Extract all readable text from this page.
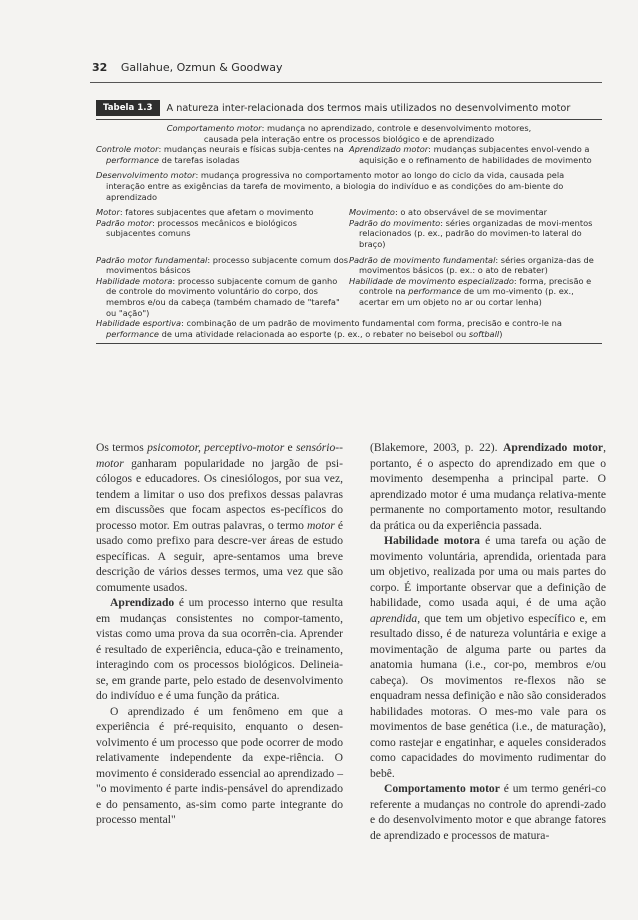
32 Gallahue, Ozmun & Goodway
Tabela 1.3	A natureza inter-relacionada dos termos mais utilizados no desenvolvimento motor
Comportamento motor: mudança no aprendizado, controle e desenvolvimento motores,
causada pela interação entre os processos biológico e de aprendizado
Controle motor: mudanças neurais e físicas subja-centes na performance de tarefas isoladas
Aprendizado motor: mudanças subjacentes envol-vendo a aquisição e o refinamento de habilidades de movimento
Desenvolvimento motor: mudança progressiva no comportamento motor ao longo do ciclo da vida, causada pela interação entre as exigências da tarefa de movimento, a biologia do indivíduo e as condições do am-biente do aprendizado
Motor: fatores subjacentes que afetam o movimento	Movimento: o ato observável de se movimentar
Padrão motor: processos mecânicos e biológicos subjacentes comuns
Padrão do movimento: séries organizadas de movi-mentos relacionados (p. ex., padrão do movimen-to lateral do braço)
Padrão motor fundamental: processo subjacente comum dos movimentos básicos
Padrão de movimento fundamental: séries organiza-das de movimentos básicos (p. ex.: o ato de rebater)
Habilidade motora: processo subjacente comum de ganho de controle do movimento voluntário do corpo, dos membros e/ou da cabeça (também chamado de "tarefa" ou "ação")
Habilidade de movimento especializado: forma, precisão e controle na performance de um mo-vimento (p. ex., acertar em um objeto no ar ou cortar lenha)
Habilidade esportiva: combinação de um padrão de movimento fundamental com forma, precisão e contro-le na performance de uma atividade relacionada ao esporte (p. ex., o rebater no beisebol ou softball)

Os termos psicomotor, perceptivo-motor e sensório--motor ganharam popularidade no jargão de psi-cólogos e educadores. Os cinesiólogos, por sua vez, tendem a limitar o uso dos prefixos dessas palavras em discussões que focam aspectos es-pecíficos do processo motor. Em outras palavras, o termo motor é usado como prefixo para descre-ver áreas de estudo específicas. A seguir, apre-sentamos uma breve descrição de vários desses termos, uma vez que são comumente usados.

Aprendizado é um processo interno que resulta em mudanças consistentes no compor-tamento, vistas como uma prova da sua ocorrên-cia. Aprender é resultado de experiência, educa-ção e treinamento, interagindo com os processos biológicos. Delineia-se, em grande parte, pelo estado de desenvolvimento do indivíduo e é uma função da prática.

O aprendizado é um fenômeno em que a experiência é pré-requisito, enquanto o desen-volvimento é um processo que pode ocorrer de modo relativamente independente da expe-riência. O movimento é considerado essencial ao aprendizado – "o movimento é parte indis-pensável do aprendizado e do pensamento, as-sim como parte integrante do processo mental"

(Blakemore, 2003, p. 22). Aprendizado motor, portanto, é o aspecto do aprendizado em que o movimento desempenha a principal parte. O aprendizado motor é uma mudança relativa-mente permanente no comportamento motor, resultando da prática ou da experiência passada.

Habilidade motora é uma tarefa ou ação de movimento voluntária, aprendida, orientada para um objetivo, realizada por uma ou mais partes do corpo. É importante observar que a definição de habilidade, como usada aqui, é de uma ação aprendida, que tem um objetivo específico e, em resultado disso, é de natureza voluntária e exige a movimentação de alguma parte ou partes da anatomia humana (i.e., cor-po, membros e/ou cabeça). Os movimentos re-flexos não se enquadram nessa definição e não são considerados habilidades motoras. O mes-mo vale para os movimentos de base genética (i.e., de maturação), como rastejar e engatinhar, e aqueles considerados como capacidades do movimento rudimentar do bebê.

Comportamento motor é um termo genéri-co referente a mudanças no controle do aprendi-zado e do desenvolvimento motor e que abrange fatores de aprendizado e processos de matura-
